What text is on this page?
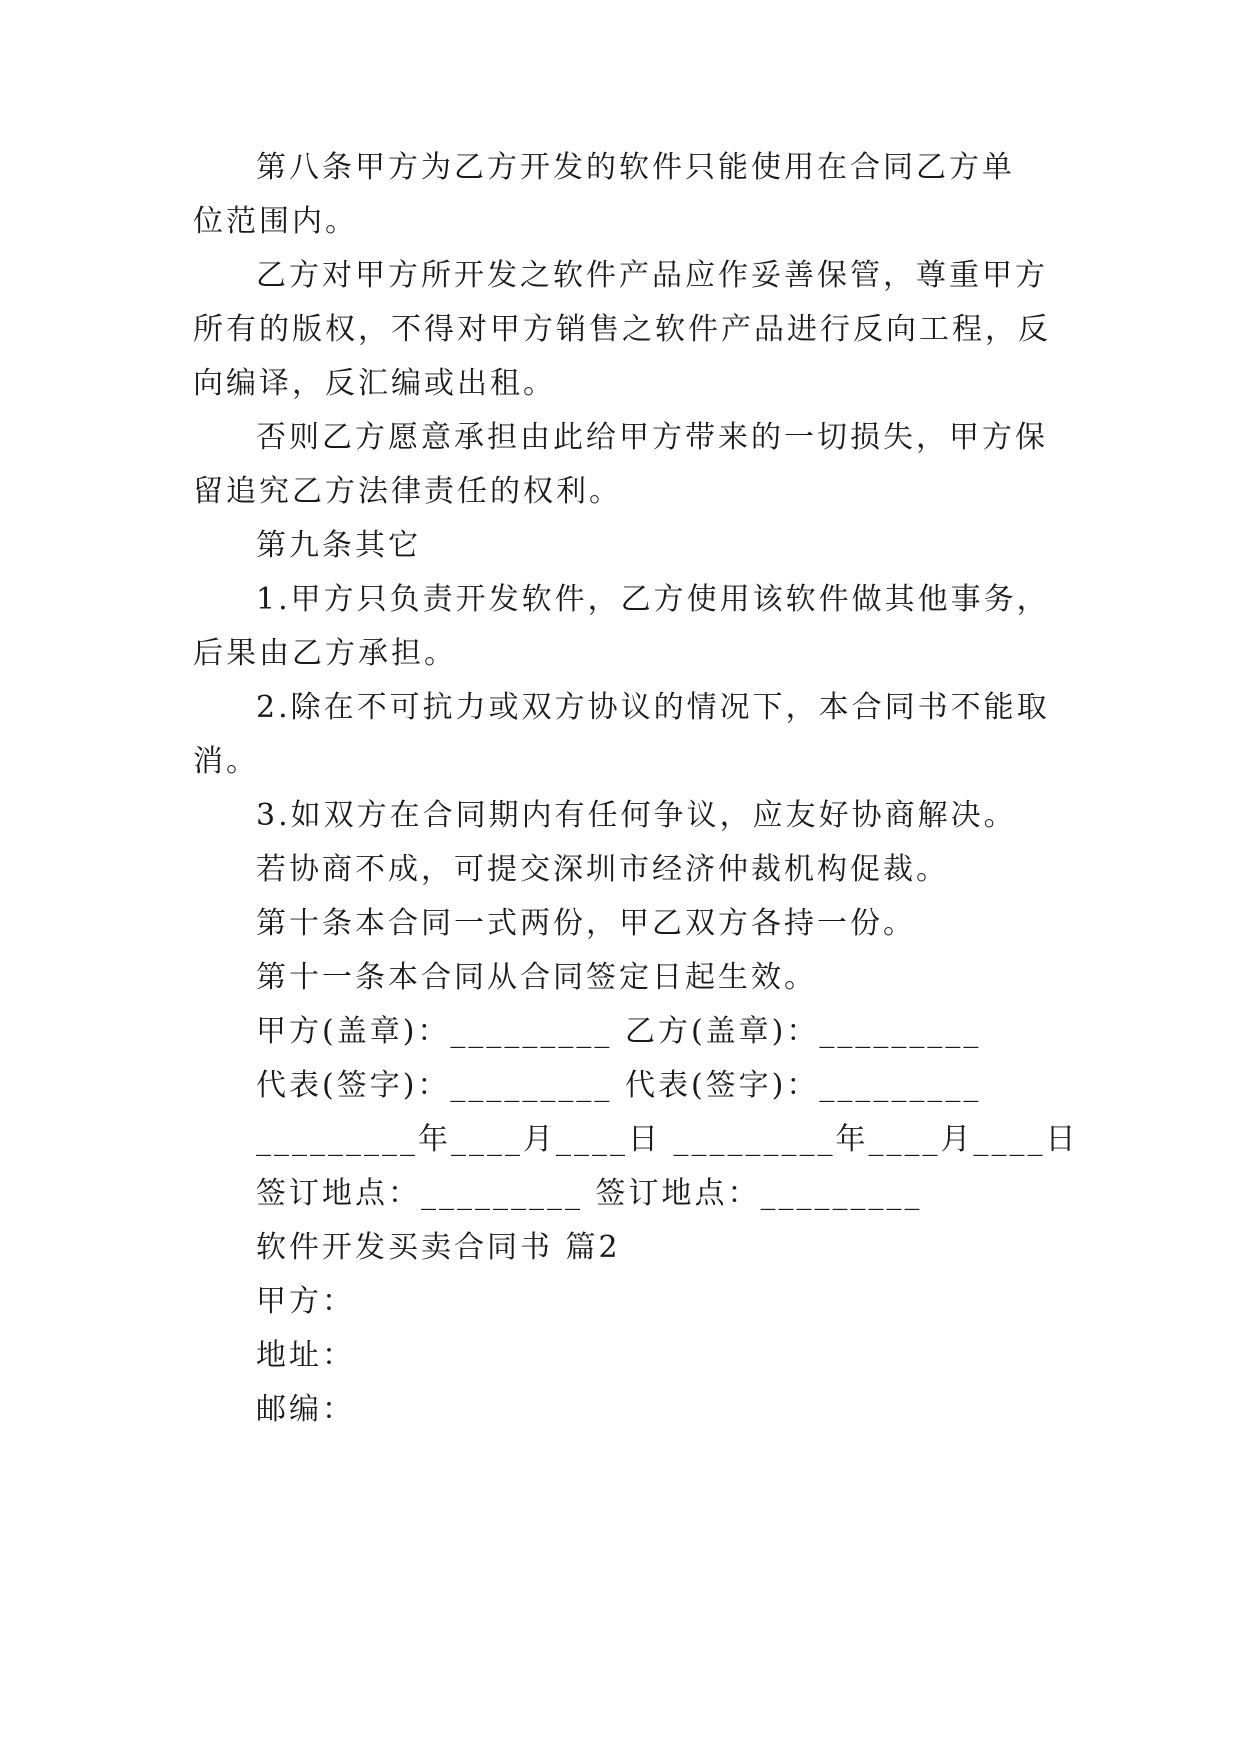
第八条甲方为乙方开发的软件只能使用在合同乙方单
位范围内。
乙方对甲方所开发之软件产品应作妥善保管，尊重甲方
所有的版权，不得对甲方销售之软件产品进行反向工程，反
向编译，反汇编或出租。
否则乙方愿意承担由此给甲方带来的一切损失，甲方保
留追究乙方法律责任的权利。
第九条其它
1.甲方只负责开发软件，乙方使用该软件做其他事务，
后果由乙方承担。
2.除在不可抗力或双方协议的情况下，本合同书不能取
消。
3.如双方在合同期内有任何争议，应友好协商解决。
若协商不成，可提交深圳市经济仲裁机构促裁。
第十条本合同一式两份，甲乙双方各持一份。
第十一条本合同从合同签定日起生效。
甲方(盖章)：_________ 乙方(盖章)：_________
代表(签字)：_________ 代表(签字)：_________
_________年____月____日 _________年____月____日
签订地点：_________ 签订地点：_________
软件开发买卖合同书 篇2
甲方：
地址：
邮编：
